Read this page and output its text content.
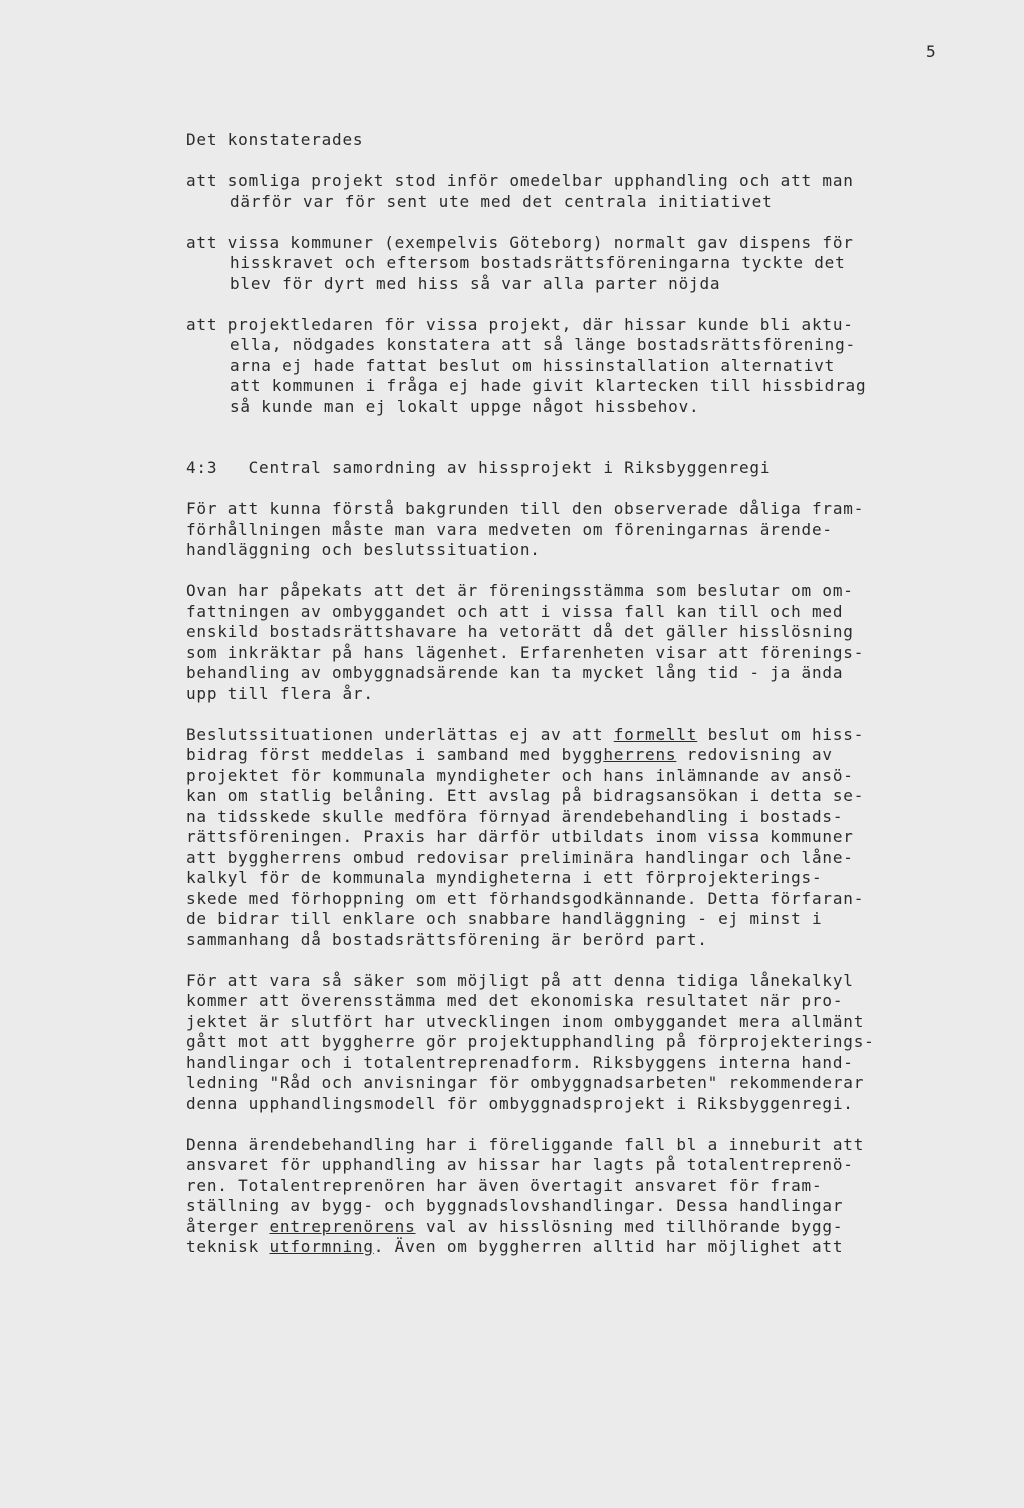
5
Det konstaterades
att somliga projekt stod inför omedelbar upphandling och att man
därför var för sent ute med det centrala initiativet
att vissa kommuner (exempelvis Göteborg) normalt gav dispens för
hisskravet och eftersom bostadsrättsföreningarna tyckte det
blev för dyrt med hiss så var alla parter nöjda
att projektledaren för vissa projekt, där hissar kunde bli aktu-
ella, nödgades konstatera att så länge bostadsrättsförening-
arna ej hade fattat beslut om hissinstallation alternativt
att kommunen i fråga ej hade givit klartecken till hissbidrag
så kunde man ej lokalt uppge något hissbehov.
4:3 Central samordning av hissprojekt i Riksbyggenregi
För att kunna förstå bakgrunden till den observerade dåliga fram-
förhållningen måste man vara medveten om föreningarnas ärende-
handläggning och beslutssituation.
Ovan har påpekats att det är föreningsstämma som beslutar om om-
fattningen av ombyggandet och att i vissa fall kan till och med
enskild bostadsrättshavare ha vetorätt då det gäller hisslösning
som inkräktar på hans lägenhet. Erfarenheten visar att förenings-
behandling av ombyggnadsärende kan ta mycket lång tid - ja ända
upp till flera år.
Beslutssituationen underlättas ej av att formellt beslut om hiss-
bidrag först meddelas i samband med byggherrens redovisning av
projektet för kommunala myndigheter och hans inlämnande av ansö-
kan om statlig belåning. Ett avslag på bidragsansökan i detta se-
na tidsskede skulle medföra förnyad ärendebehandling i bostads-
rättsföreningen. Praxis har därför utbildats inom vissa kommuner
att byggherrens ombud redovisar preliminära handlingar och låne-
kalkyl för de kommunala myndigheterna i ett förprojekterings-
skede med förhoppning om ett förhandsgodkännande. Detta förfaran-
de bidrar till enklare och snabbare handläggning - ej minst i
sammanhang då bostadsrättsförening är berörd part.
För att vara så säker som möjligt på att denna tidiga lånekalkyl
kommer att överensstämma med det ekonomiska resultatet när pro-
jektet är slutfört har utvecklingen inom ombyggandet mera allmänt
gått mot att byggherre gör projektupphandling på förprojekterings-
handlingar och i totalentreprenadform. Riksbyggens interna hand-
ledning "Råd och anvisningar för ombyggnadsarbeten" rekommenderar
denna upphandlingsmodell för ombyggnadsprojekt i Riksbyggenregi.
Denna ärendebehandling har i föreliggande fall bl a inneburit att
ansvaret för upphandling av hissar har lagts på totalentreprenö-
ren. Totalentreprenören har även övertagit ansvaret för fram-
ställning av bygg- och byggnadslovshandlingar. Dessa handlingar
återger entreprenörens val av hisslösning med tillhörande bygg-
teknisk utformning. Även om byggherren alltid har möjlighet att
